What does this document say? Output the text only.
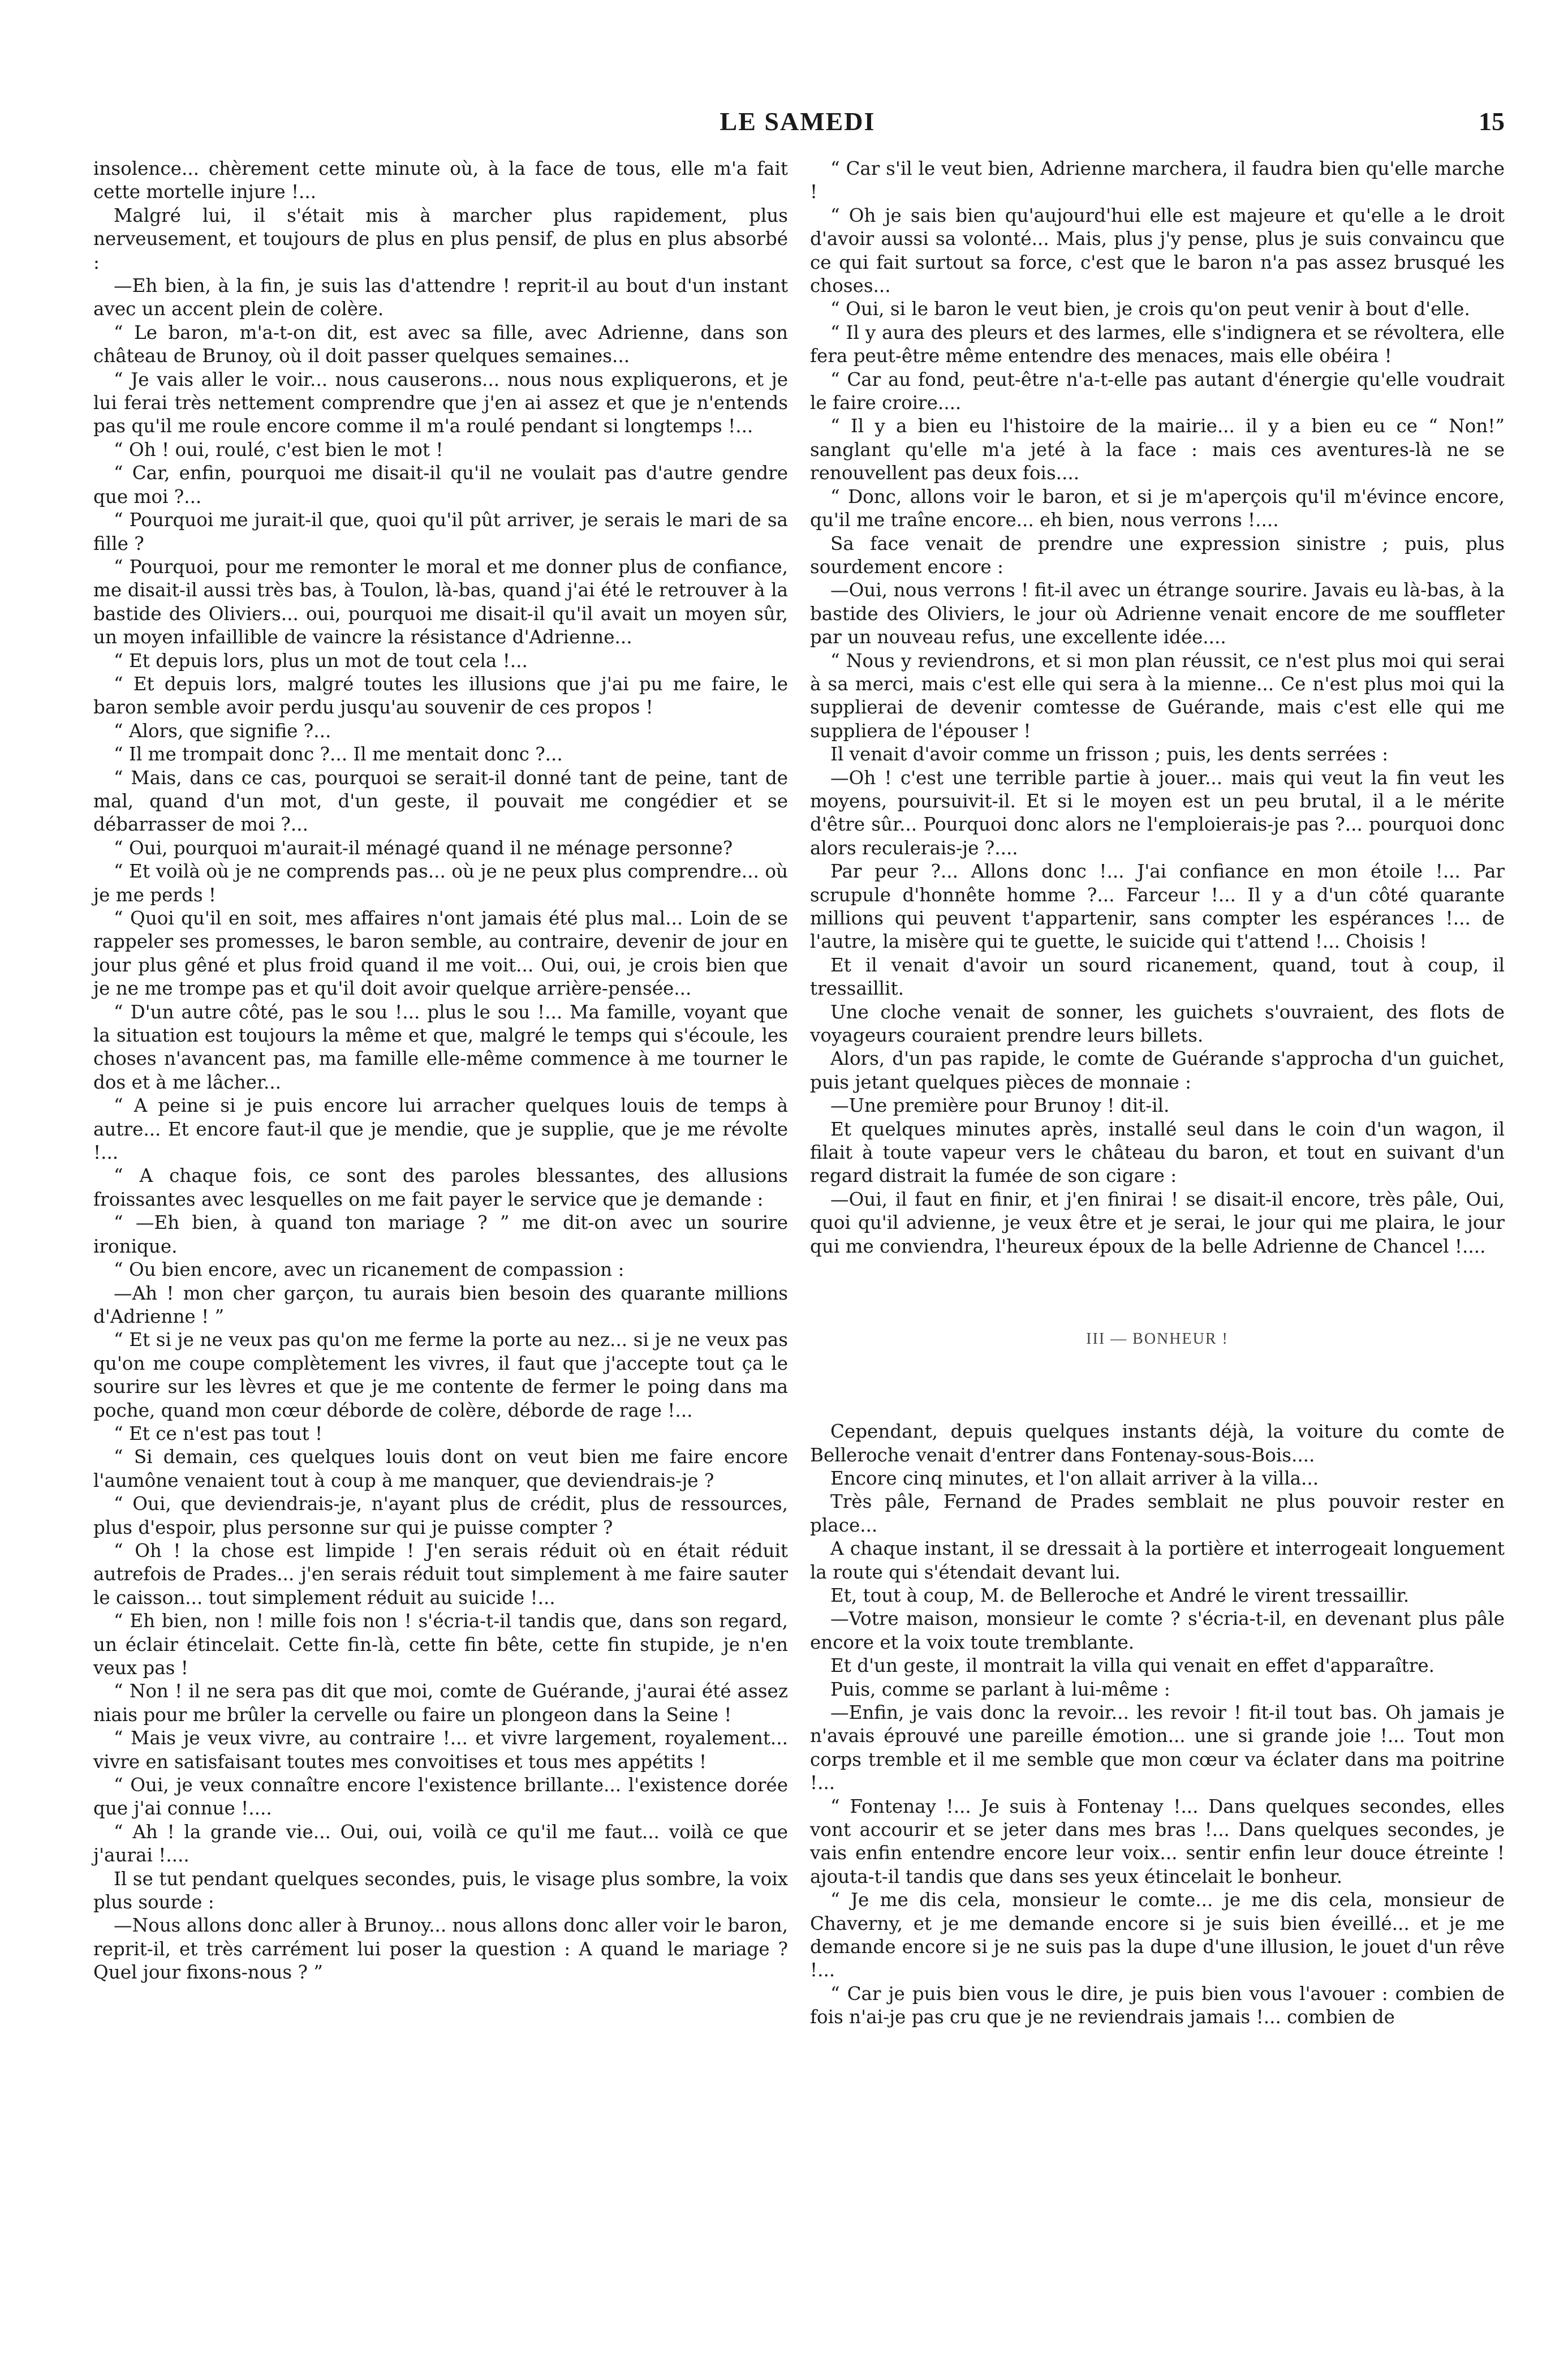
LE SAMEDI	15

insolence... chèrement cette minute où, à la face de tous, elle m'a fait cette mortelle injure !...

Malgré lui, il s'était mis à marcher plus rapidement, plus nerveusement, et toujours de plus en plus pensif, de plus en plus absorbé :

—Eh bien, à la fin, je suis las d'attendre ! reprit-il au bout d'un instant avec un accent plein de colère.

“ Le baron, m'a-t-on dit, est avec sa fille, avec Adrienne, dans son château de Brunoy, où il doit passer quelques semaines...

“ Je vais aller le voir... nous causerons... nous nous expliquerons, et je lui ferai très nettement comprendre que j'en ai assez et que je n'entends pas qu'il me roule encore comme il m'a roulé pendant si longtemps !...

“ Oh ! oui, roulé, c'est bien le mot !

“ Car, enfin, pourquoi me disait-il qu'il ne voulait pas d'autre gendre que moi ?...

“ Pourquoi me jurait-il que, quoi qu'il pût arriver, je serais le mari de sa fille ?

“ Pourquoi, pour me remonter le moral et me donner plus de confiance, me disait-il aussi très bas, à Toulon, là-bas, quand j'ai été le retrouver à la bastide des Oliviers... oui, pourquoi me disait-il qu'il avait un moyen sûr, un moyen infaillible de vaincre la résistance d'Adrienne...

“ Et depuis lors, plus un mot de tout cela !...

“ Et depuis lors, malgré toutes les illusions que j'ai pu me faire, le baron semble avoir perdu jusqu'au souvenir de ces propos !

“ Alors, que signifie ?...

“ Il me trompait donc ?... Il me mentait donc ?...

“ Mais, dans ce cas, pourquoi se serait-il donné tant de peine, tant de mal, quand d'un mot, d'un geste, il pouvait me congédier et se débarrasser de moi ?...

“ Oui, pourquoi m'aurait-il ménagé quand il ne ménage personne?

“ Et voilà où je ne comprends pas... où je ne peux plus comprendre... où je me perds !

“ Quoi qu'il en soit, mes affaires n'ont jamais été plus mal... Loin de se rappeler ses promesses, le baron semble, au contraire, devenir de jour en jour plus gêné et plus froid quand il me voit... Oui, oui, je crois bien que je ne me trompe pas et qu'il doit avoir quelque arrière-pensée...

“ D'un autre côté, pas le sou !... plus le sou !... Ma famille, voyant que la situation est toujours la même et que, malgré le temps qui s'écoule, les choses n'avancent pas, ma famille elle-même commence à me tourner le dos et à me lâcher...

“ A peine si je puis encore lui arracher quelques louis de temps à autre... Et encore faut-il que je mendie, que je supplie, que je me révolte !...

“ A chaque fois, ce sont des paroles blessantes, des allusions froissantes avec lesquelles on me fait payer le service que je demande :

“ —Eh bien, à quand ton mariage ? ” me dit-on avec un sourire ironique.

“ Ou bien encore, avec un ricanement de compassion :

—Ah ! mon cher garçon, tu aurais bien besoin des quarante millions d'Adrienne ! ”

“ Et si je ne veux pas qu'on me ferme la porte au nez... si je ne veux pas qu'on me coupe complètement les vivres, il faut que j'accepte tout ça le sourire sur les lèvres et que je me contente de fermer le poing dans ma poche, quand mon cœur déborde de colère, déborde de rage !...

“ Et ce n'est pas tout !

“ Si demain, ces quelques louis dont on veut bien me faire encore l'aumône venaient tout à coup à me manquer, que deviendrais-je ?

“ Oui, que deviendrais-je, n'ayant plus de crédit, plus de ressources, plus d'espoir, plus personne sur qui je puisse compter ?

“ Oh ! la chose est limpide ! J'en serais réduit où en était réduit autrefois de Prades... j'en serais réduit tout simplement à me faire sauter le caisson... tout simplement réduit au suicide !...

“ Eh bien, non ! mille fois non ! s'écria-t-il tandis que, dans son regard, un éclair étincelait. Cette fin-là, cette fin bête, cette fin stupide, je n'en veux pas !

“ Non ! il ne sera pas dit que moi, comte de Guérande, j'aurai été assez niais pour me brûler la cervelle ou faire un plongeon dans la Seine !

“ Mais je veux vivre, au contraire !... et vivre largement, royalement... vivre en satisfaisant toutes mes convoitises et tous mes appétits !

“ Oui, je veux connaître encore l'existence brillante... l'existence dorée que j'ai connue !....

“ Ah ! la grande vie... Oui, oui, voilà ce qu'il me faut... voilà ce que j'aurai !....

Il se tut pendant quelques secondes, puis, le visage plus sombre, la voix plus sourde :

—Nous allons donc aller à Brunoy... nous allons donc aller voir le baron, reprit-il, et très carrément lui poser la question : A quand le mariage ? Quel jour fixons-nous ? ”

“ Car s'il le veut bien, Adrienne marchera, il faudra bien qu'elle marche !

“ Oh je sais bien qu'aujourd'hui elle est majeure et qu'elle a le droit d'avoir aussi sa volonté... Mais, plus j'y pense, plus je suis convaincu que ce qui fait surtout sa force, c'est que le baron n'a pas assez brusqué les choses...

“ Oui, si le baron le veut bien, je crois qu'on peut venir à bout d'elle.

“ Il y aura des pleurs et des larmes, elle s'indignera et se révoltera, elle fera peut-être même entendre des menaces, mais elle obéira !

“ Car au fond, peut-être n'a-t-elle pas autant d'énergie qu'elle voudrait le faire croire....

“ Il y a bien eu l'histoire de la mairie... il y a bien eu ce “ Non!” sanglant qu'elle m'a jeté à la face : mais ces aventures-là ne se renouvellent pas deux fois....

“ Donc, allons voir le baron, et si je m'aperçois qu'il m'évince encore, qu'il me traîne encore... eh bien, nous verrons !....

Sa face venait de prendre une expression sinistre ; puis, plus sourdement encore :

—Oui, nous verrons ! fit-il avec un étrange sourire. Javais eu là-bas, à la bastide des Oliviers, le jour où Adrienne venait encore de me souffleter par un nouveau refus, une excellente idée....

“ Nous y reviendrons, et si mon plan réussit, ce n'est plus moi qui serai à sa merci, mais c'est elle qui sera à la mienne... Ce n'est plus moi qui la supplierai de devenir comtesse de Guérande, mais c'est elle qui me suppliera de l'épouser !

Il venait d'avoir comme un frisson ; puis, les dents serrées :

—Oh ! c'est une terrible partie à jouer... mais qui veut la fin veut les moyens, poursuivit-il. Et si le moyen est un peu brutal, il a le mérite d'être sûr... Pourquoi donc alors ne l'emploierais-je pas ?... pourquoi donc alors reculerais-je ?....

Par peur ?... Allons donc !... J'ai confiance en mon étoile !... Par scrupule d'honnête homme ?... Farceur !... Il y a d'un côté quarante millions qui peuvent t'appartenir, sans compter les espérances !... de l'autre, la misère qui te guette, le suicide qui t'attend !... Choisis !

Et il venait d'avoir un sourd ricanement, quand, tout à coup, il tressaillit.

Une cloche venait de sonner, les guichets s'ouvraient, des flots de voyageurs couraient prendre leurs billets.

Alors, d'un pas rapide, le comte de Guérande s'approcha d'un guichet, puis jetant quelques pièces de monnaie :

—Une première pour Brunoy ! dit-il.

Et quelques minutes après, installé seul dans le coin d'un wagon, il filait à toute vapeur vers le château du baron, et tout en suivant d'un regard distrait la fumée de son cigare :

—Oui, il faut en finir, et j'en finirai ! se disait-il encore, très pâle, Oui, quoi qu'il advienne, je veux être et je serai, le jour qui me plaira, le jour qui me conviendra, l'heureux époux de la belle Adrienne de Chancel !....

III — BONHEUR !

Cependant, depuis quelques instants déjà, la voiture du comte de Belleroche venait d'entrer dans Fontenay-sous-Bois....

Encore cinq minutes, et l'on allait arriver à la villa...

Très pâle, Fernand de Prades semblait ne plus pouvoir rester en place...

A chaque instant, il se dressait à la portière et interrogeait longuement la route qui s'étendait devant lui.

Et, tout à coup, M. de Belleroche et André le virent tressaillir.

—Votre maison, monsieur le comte ? s'écria-t-il, en devenant plus pâle encore et la voix toute tremblante.

Et d'un geste, il montrait la villa qui venait en effet d'apparaître.

Puis, comme se parlant à lui-même :

—Enfin, je vais donc la revoir... les revoir ! fit-il tout bas. Oh jamais je n'avais éprouvé une pareille émotion... une si grande joie !... Tout mon corps tremble et il me semble que mon cœur va éclater dans ma poitrine !...

“ Fontenay !... Je suis à Fontenay !... Dans quelques secondes, elles vont accourir et se jeter dans mes bras !... Dans quelques secondes, je vais enfin entendre encore leur voix... sentir enfin leur douce étreinte ! ajouta-t-il tandis que dans ses yeux étincelait le bonheur.

“ Je me dis cela, monsieur le comte... je me dis cela, monsieur de Chaverny, et je me demande encore si je suis bien éveillé... et je me demande encore si je ne suis pas la dupe d'une illusion, le jouet d'un rêve !...

“ Car je puis bien vous le dire, je puis bien vous l'avouer : combien de fois n'ai-je pas cru que je ne reviendrais jamais !... combien de
